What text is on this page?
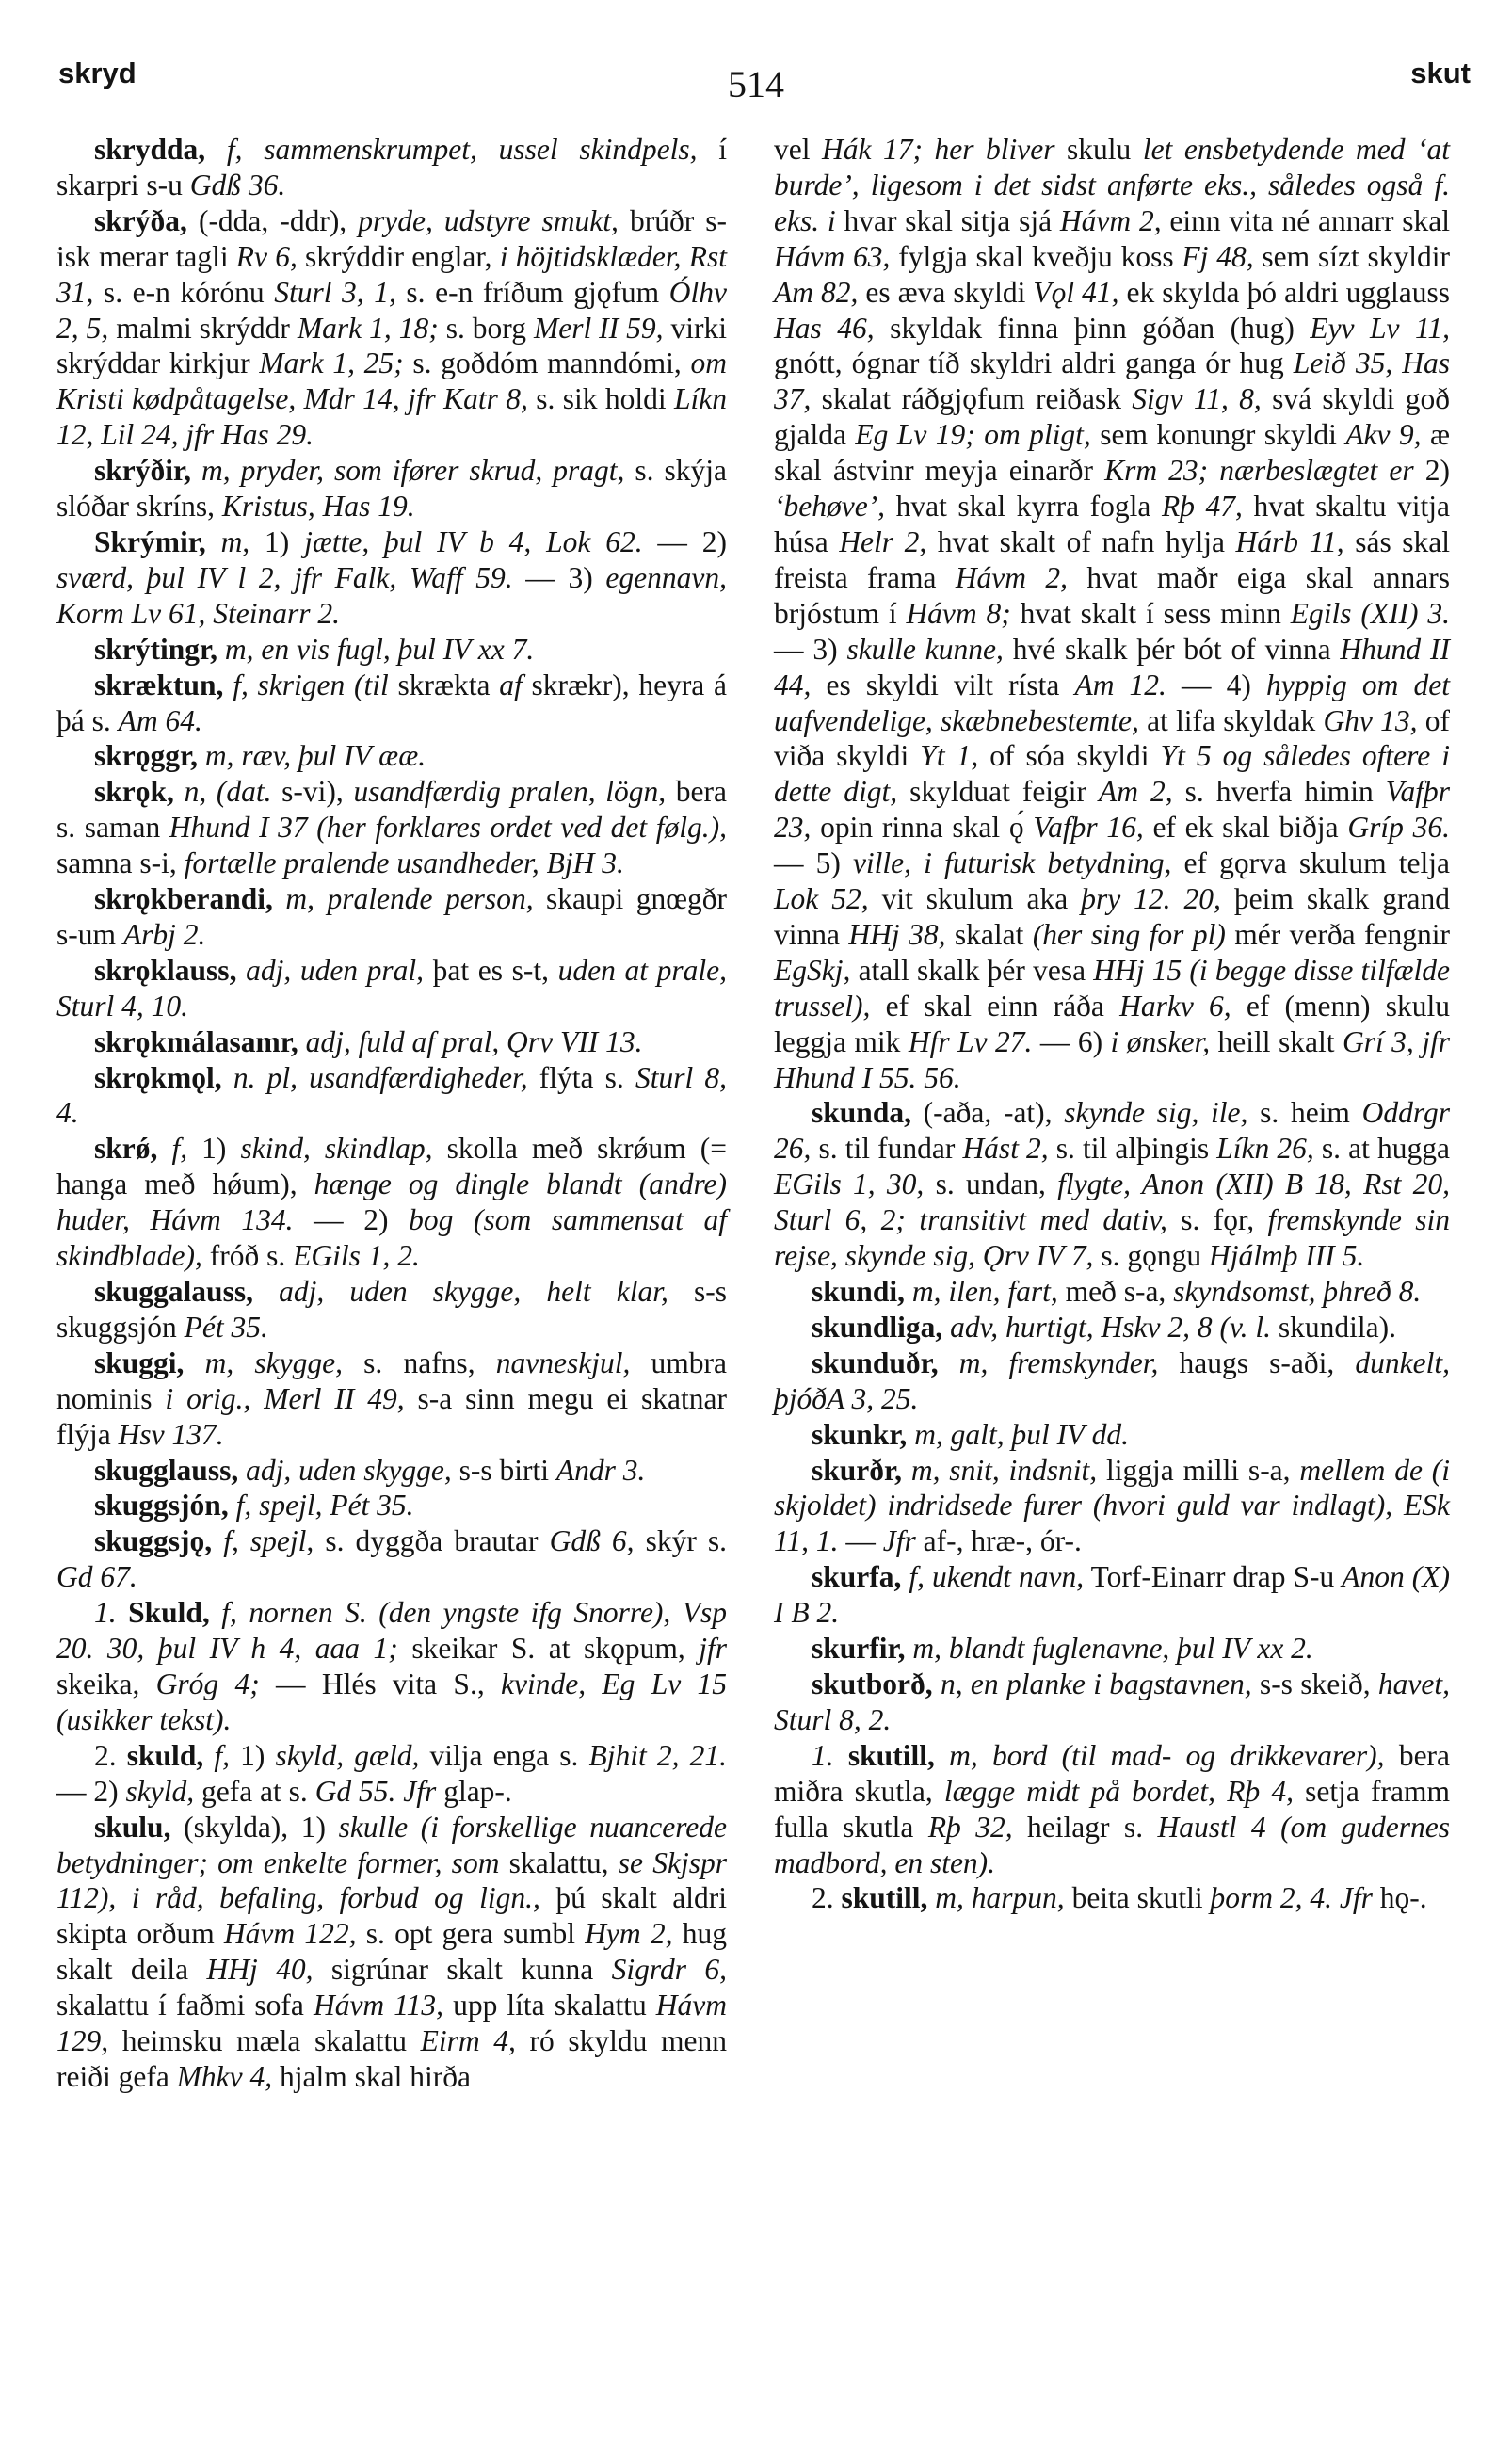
skryd	514	skut

skrydda, f, sammenskrumpet, ussel skindpels, í skarpri s-u Gdß 36.

skrýða, (-dda, -ddr), pryde, udstyre smukt, brúðr s-isk merar tagli Rv 6, skrýddir englar, i höjtidsklæder, Rst 31, s. e-n kórónu Sturl 3, 1, s. e-n fríðum gjǫfum Ólhv 2, 5, malmi skrýddr Mark 1, 18; s. borg Merl II 59, virki skrýddar kirkjur Mark 1, 25; s. goðdóm manndómi, om Kristi kødpåtagelse, Mdr 14, jfr Katr 8, s. sik holdi Líkn 12, Lil 24, jfr Has 29.

skrýðir, m, pryder, som ifører skrud, pragt, s. skýja slóðar skríns, Kristus, Has 19.

Skrýmir, m, 1) jætte, þul IV b 4, Lok 62. — 2) sværd, þul IV l 2, jfr Falk, Waff 59. — 3) egennavn, Korm Lv 61, Steinarr 2.

skrýtingr, m, en vis fugl, þul IV xx 7.

skræktun, f, skrigen (til skrækta af skrækr), heyra á þá s. Am 64.

skrǫggr, m, ræv, þul IV ææ.

skrǫk, n, (dat. s-vi), usandfærdig pralen, lögn, bera s. saman Hhund I 37 (her forklares ordet ved det følg.), samna s-i, fortælle pralende usandheder, BjH 3.

skrǫkberandi, m, pralende person, skaupi gnœgðr s-um Arbj 2.

skrǫklauss, adj, uden pral, þat es s-t, uden at prale, Sturl 4, 10.

skrǫkmálasamr, adj, fuld af pral, Ǫrv VII 13.

skrǫkmǫl, n. pl, usandfærdigheder, flýta s. Sturl 8, 4.

skrǿ, f, 1) skind, skindlap, skolla með skrǿum (= hanga með hǿum), hænge og dingle blandt (andre) huder, Hávm 134. — 2) bog (som sammensat af skindblade), fróð s. EGils 1, 2.

skuggalauss, adj, uden skygge, helt klar, s-s skuggsjón Pét 35.

skuggi, m, skygge, s. nafns, navneskjul, umbra nominis i orig., Merl II 49, s-a sinn megu ei skatnar flýja Hsv 137.

skugglauss, adj, uden skygge, s-s birti Andr 3.

skuggsjón, f, spejl, Pét 35.

skuggsjǫ, f, spejl, s. dyggða brautar Gdß 6, skýr s. Gd 67.

1. Skuld, f, nornen S. (den yngste ifg Snorre), Vsp 20. 30, þul IV h 4, aaa 1; skeikar S. at skǫpum, jfr skeika, Gróg 4; — Hlés vita S., kvinde, Eg Lv 15 (usikker tekst).

2. skuld, f, 1) skyld, gæld, vilja enga s. Bjhit 2, 21. — 2) skyld, gefa at s. Gd 55. Jfr glap-.

skulu, (skylda), 1) skulle (i forskellige nuancerede betydninger; om enkelte former, som skalattu, se Skjspr 112), i råd, befaling, forbud og lign., þú skalt aldri skipta orðum Hávm 122, s. opt gera sumbl Hym 2, hug skalt deila HHj 40, sigrúnar skalt kunna Sigrdr 6, skalattu í faðmi sofa Hávm 113, upp líta skalattu Hávm 129, heimsku mæla skalattu Eirm 4, ró skyldu menn reiði gefa Mhkv 4, hjalm skal hirða

vel Hák 17; her bliver skulu let ensbetydende med ‘at burde’, ligesom i det sidst anførte eks., således også f. eks. i hvar skal sitja sjá Hávm 2, einn vita né annarr skal Hávm 63, fylgja skal kveðju koss Fj 48, sem sízt skyldir Am 82, es æva skyldi Vǫl 41, ek skylda þó aldri ugglauss Has 46, skyldak finna þinn góðan (hug) Eyv Lv 11, gnótt, ógnar tíð skyldri aldri ganga ór hug Leið 35, Has 37, skalat ráðgjǫfum reiðask Sigv 11, 8, svá skyldi goð gjalda Eg Lv 19; om pligt, sem konungr skyldi Akv 9, æ skal ástvinr meyja einarðr Krm 23; nærbeslægtet er 2) ‘behøve’, hvat skal kyrra fogla Rþ 47, hvat skaltu vitja húsa Helr 2, hvat skalt of nafn hylja Hárb 11, sás skal freista frama Hávm 2, hvat maðr eiga skal annars brjóstum í Hávm 8; hvat skalt í sess minn Egils (XII) 3. — 3) skulle kunne, hvé skalk þér bót of vinna Hhund II 44, es skyldi vilt rísta Am 12. — 4) hyppig om det uafvendelige, skæbnebestemte, at lifa skyldak Ghv 13, of viða skyldi Yt 1, of sóa skyldi Yt 5 og således oftere i dette digt, skylduat feigir Am 2, s. hverfa himin Vafþr 23, opin rinna skal ǫ́ Vafþr 16, ef ek skal biðja Gríp 36. — 5) ville, i futurisk betydning, ef gǫrva skulum telja Lok 52, vit skulum aka þry 12. 20, þeim skalk grand vinna HHj 38, skalat (her sing for pl) mér verða fengnir EgSkj, atall skalk þér vesa HHj 15 (i begge disse tilfælde trussel), ef skal einn ráða Harkv 6, ef (menn) skulu leggja mik Hfr Lv 27. — 6) i ønsker, heill skalt Grí 3, jfr Hhund I 55. 56.

skunda, (-aða, -at), skynde sig, ile, s. heim Oddrgr 26, s. til fundar Hást 2, s. til alþingis Líkn 26, s. at hugga EGils 1, 30, s. undan, flygte, Anon (XII) B 18, Rst 20, Sturl 6, 2; transitivt med dativ, s. fǫr, fremskynde sin rejse, skynde sig, Ǫrv IV 7, s. gǫngu Hjálmþ III 5.

skundi, m, ilen, fart, með s-a, skyndsomst, þhreð 8.

skundliga, adv, hurtigt, Hskv 2, 8 (v. l. skundila).

skunduðr, m, fremskynder, haugs s-aði, dunkelt, þjóðA 3, 25.

skunkr, m, galt, þul IV dd.

skurðr, m, snit, indsnit, liggja milli s-a, mellem de (i skjoldet) indridsede furer (hvori guld var indlagt), ESk 11, 1. — Jfr af-, hræ-, ór-.

skurfa, f, ukendt navn, Torf-Einarr drap S-u Anon (X) I B 2.

skurfir, m, blandt fuglenavne, þul IV xx 2.

skutborð, n, en planke i bagstavnen, s-s skeið, havet, Sturl 8, 2.

1. skutill, m, bord (til mad- og drikkevarer), bera miðra skutla, lægge midt på bordet, Rþ 4, setja framm fulla skutla Rþ 32, heilagr s. Haustl 4 (om gudernes madbord, en sten).

2. skutill, m, harpun, beita skutli þorm 2, 4. Jfr hǫ-.
